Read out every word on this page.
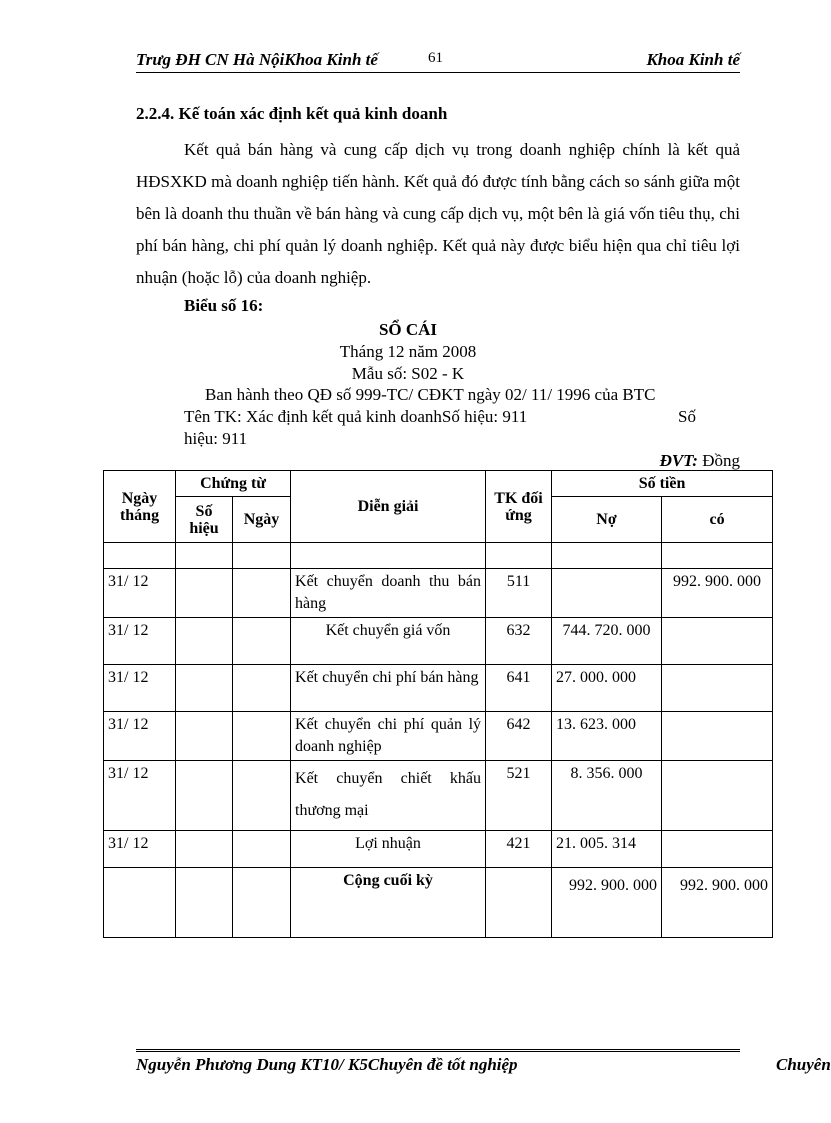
Trưg ĐH CN Hà NộiKhoa Kinh tế	61	Khoa Kinh tế
2.2.4. Kế toán xác định kết quả kinh doanh

Kết quả bán hàng và cung cấp dịch vụ trong doanh nghiệp chính là kết quả HĐSXKD mà doanh nghiệp tiến hành. Kết quả đó được tính bằng cách so sánh giữa một bên là doanh thu thuần về bán hàng và cung cấp dịch vụ, một bên là giá vốn tiêu thụ, chi phí bán hàng, chi phí quản lý doanh nghiệp. Kết quả này được biểu hiện qua chỉ tiêu lợi nhuận (hoặc lỗ) của doanh nghiệp.

Biểu số 16:
SỔ CÁI
Tháng 12 năm 2008
Mẫu số: S02 - K
Ban hành theo QĐ số 999-TC/ CĐKT ngày 02/ 11/ 1996 của BTC
Tên TK: Xác định kết quả kinh doanhSố hiệu: 911	Số
hiệu: 911
ĐVT: Đồng
Ngày tháng	Chứng từ		Diễn giải	TK đối ứng	Số tiền	
	Số hiệu	Ngày			Nợ	có

31/ 12			Kết chuyển doanh thu bán hàng	511		992. 900. 000
31/ 12			Kết chuyển giá vốn	632	744. 720. 000	
31/ 12			Kết chuyển chi phí bán hàng	641	27. 000. 000	
31/ 12			Kết chuyển chi phí quản lý doanh nghiệp	642	13. 623. 000	
31/ 12			Kết chuyển chiết khấu thương mại	521	8. 356. 000	
31/ 12			Lợi nhuận	421	21. 005. 314	
			Cộng cuối kỳ		992. 900. 000	992. 900. 000
Nguyễn Phương Dung KT10/ K5Chuyên đề tốt nghiệp	Chuyên
